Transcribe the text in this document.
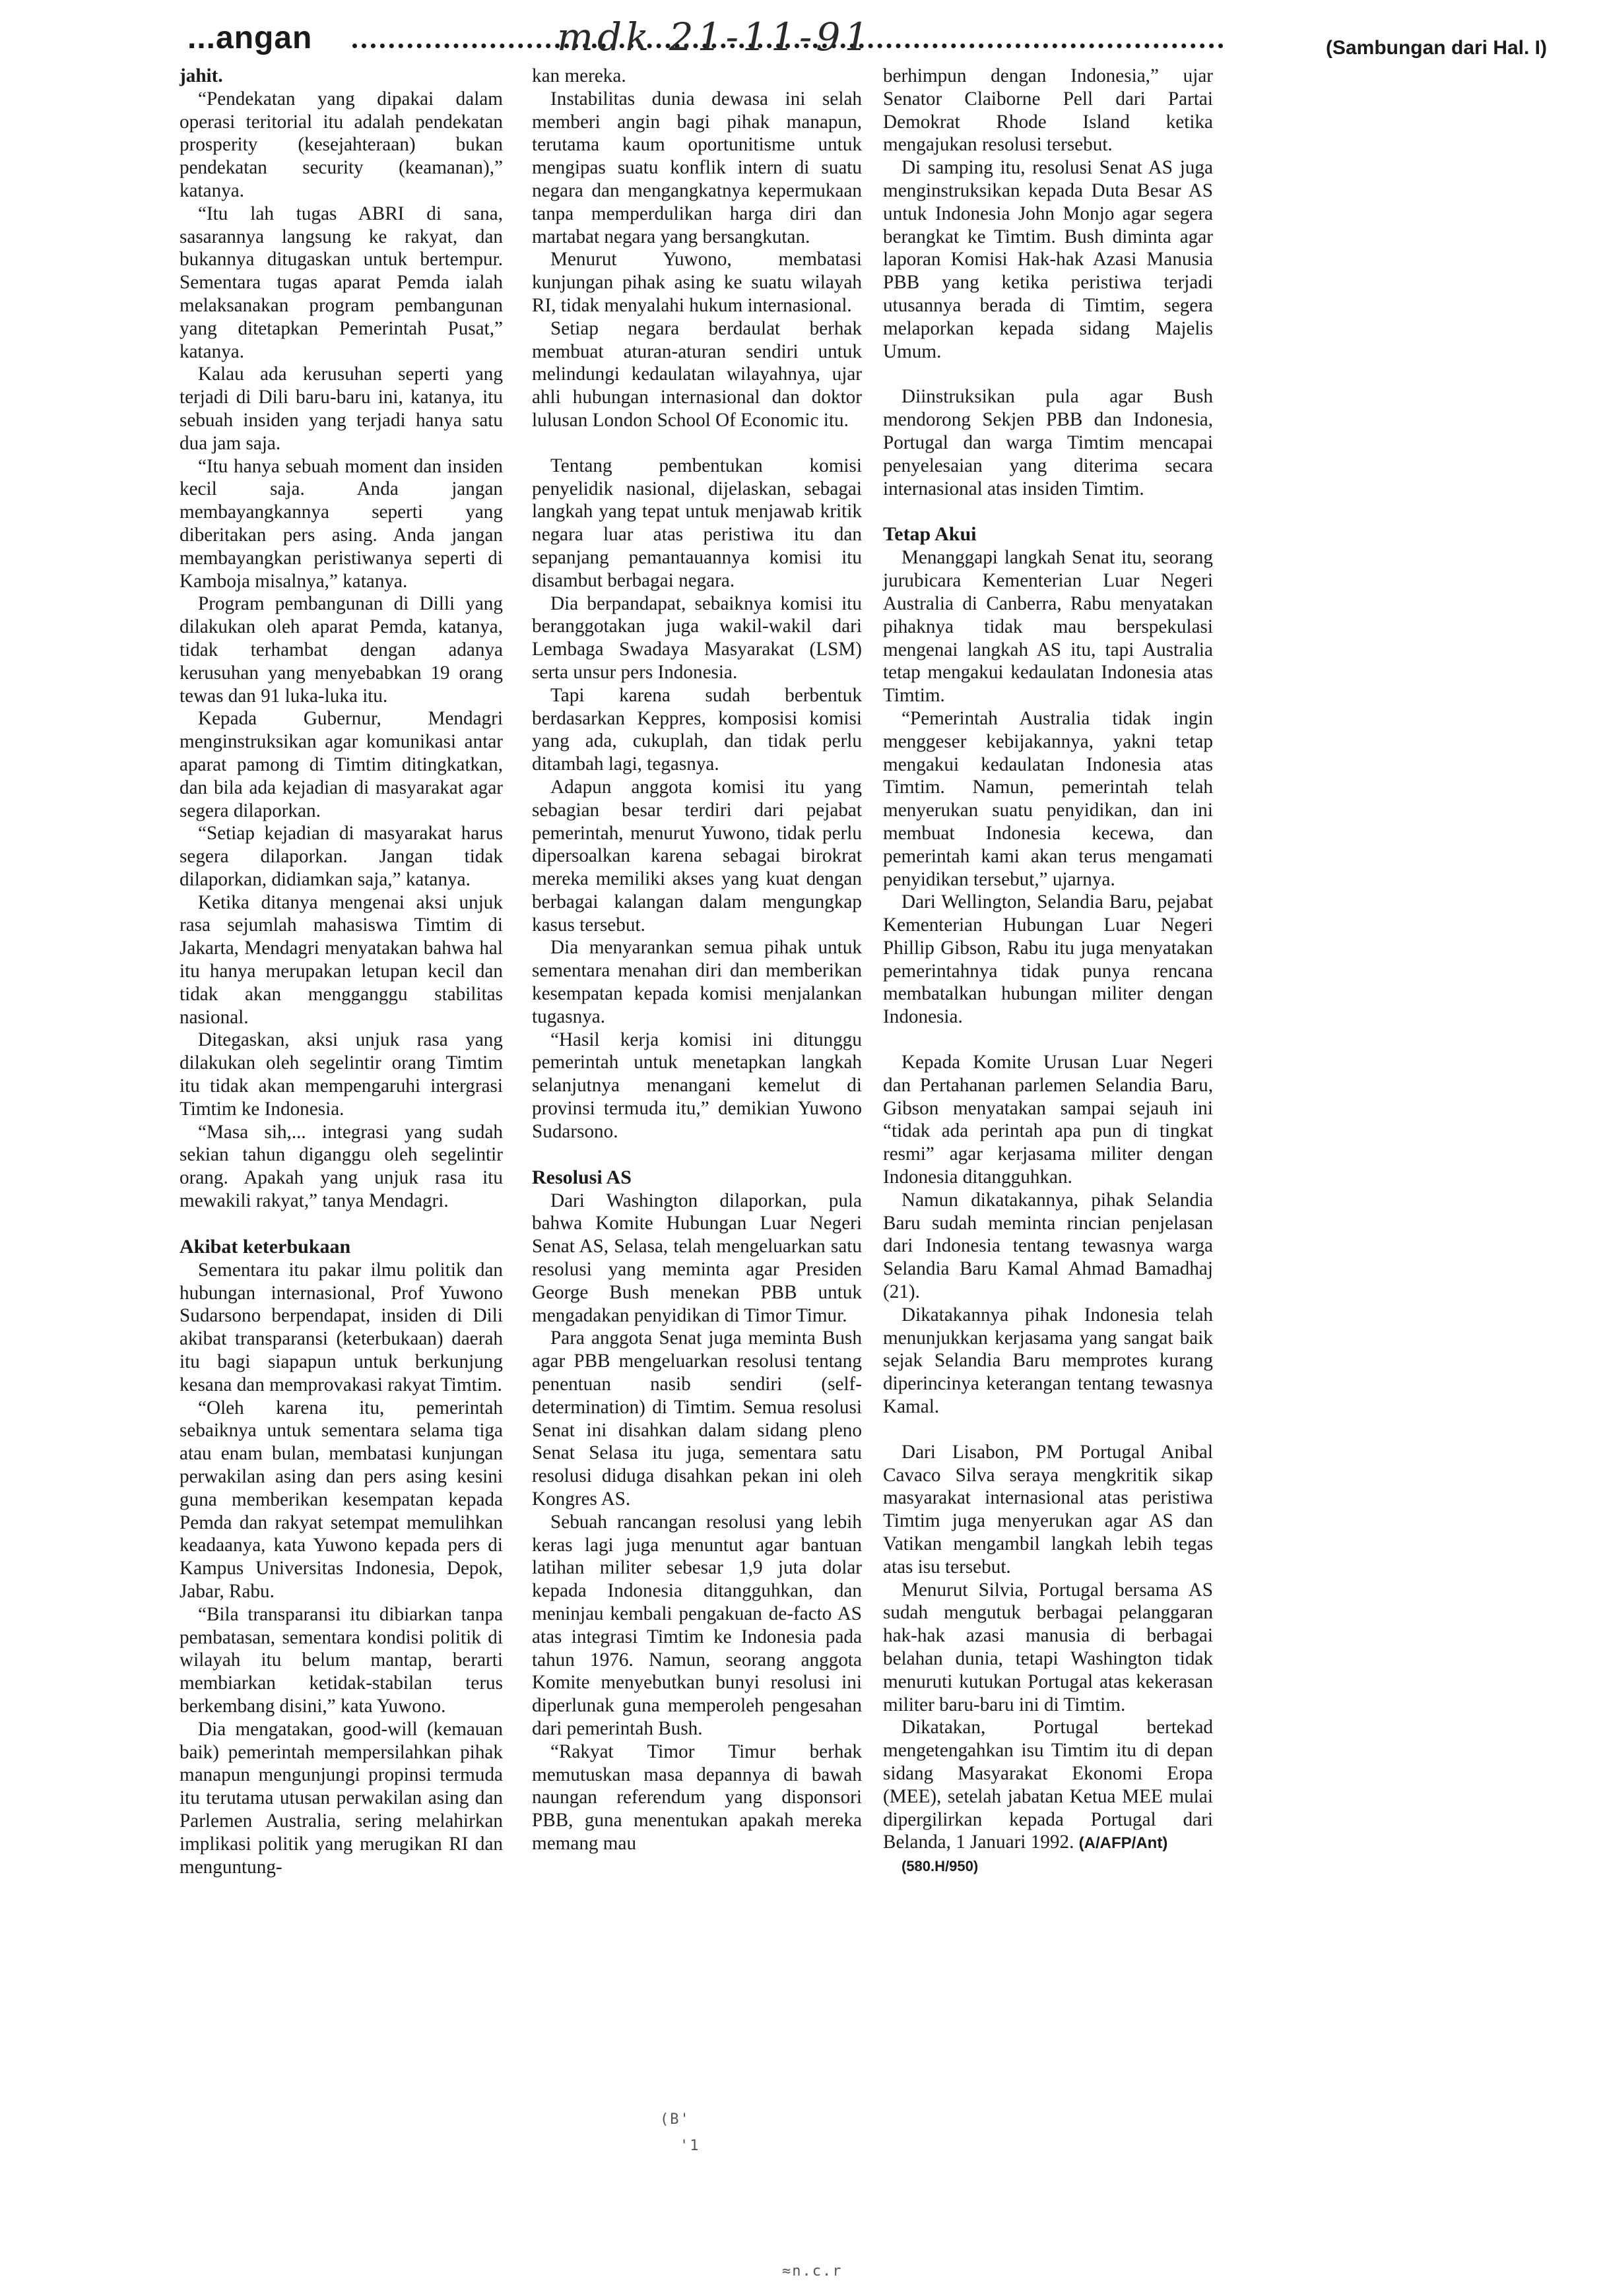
...angan	(Sambungan dari Hal. I)
mdk 21-11-91

jahit.

“Pendekatan yang dipakai dalam operasi teritorial itu adalah pendekatan prosperity (kesejahteraan) bukan pendekatan security (keamanan),” katanya.

“Itu lah tugas ABRI di sana, sasarannya langsung ke rakyat, dan bukannya ditugaskan untuk bertempur. Sementara tugas aparat Pemda ialah melaksanakan program pembangunan yang ditetapkan Pemerintah Pusat,” katanya.

Kalau ada kerusuhan seperti yang terjadi di Dili baru-baru ini, katanya, itu sebuah insiden yang terjadi hanya satu dua jam saja.

“Itu hanya sebuah moment dan insiden kecil saja. Anda jangan membayangkannya seperti yang diberitakan pers asing. Anda jangan membayangkan peristiwanya seperti di Kamboja misalnya,” katanya.

Program pembangunan di Dilli yang dilakukan oleh aparat Pemda, katanya, tidak terhambat dengan adanya kerusuhan yang menyebabkan 19 orang tewas dan 91 luka-luka itu.

Kepada Gubernur, Mendagri menginstruksikan agar komunikasi antar aparat pamong di Timtim ditingkatkan, dan bila ada kejadian di masyarakat agar segera dilaporkan.

“Setiap kejadian di masyarakat harus segera dilaporkan. Jangan tidak dilaporkan, didiamkan saja,” katanya.

Ketika ditanya mengenai aksi unjuk rasa sejumlah mahasiswa Timtim di Jakarta, Mendagri menyatakan bahwa hal itu hanya merupakan letupan kecil dan tidak akan mengganggu stabilitas nasional.

Ditegaskan, aksi unjuk rasa yang dilakukan oleh segelintir orang Timtim itu tidak akan mempengaruhi intergrasi Timtim ke Indonesia.

“Masa sih,... integrasi yang sudah sekian tahun diganggu oleh segelintir orang. Apakah yang unjuk rasa itu mewakili rakyat,” tanya Mendagri.

Akibat keterbukaan

Sementara itu pakar ilmu politik dan hubungan internasional, Prof Yuwono Sudarsono berpendapat, insiden di Dili akibat transparansi (keterbukaan) daerah itu bagi siapapun untuk berkunjung kesana dan memprovakasi rakyat Timtim.

“Oleh karena itu, pemerintah sebaiknya untuk sementara selama tiga atau enam bulan, membatasi kunjungan perwakilan asing dan pers asing kesini guna memberikan kesempatan kepada Pemda dan rakyat setempat memulihkan keadaanya, kata Yuwono kepada pers di Kampus Universitas Indonesia, Depok, Jabar, Rabu.

“Bila transparansi itu dibiarkan tanpa pembatasan, sementara kondisi politik di wilayah itu belum mantap, berarti membiarkan ketidak-stabilan terus berkembang disini,” kata Yuwono.

Dia mengatakan, good-will (kemauan baik) pemerintah mempersilahkan pihak manapun mengunjungi propinsi termuda itu terutama utusan perwakilan asing dan Parlemen Australia, sering melahirkan implikasi politik yang merugikan RI dan menguntung-

kan mereka.

Instabilitas dunia dewasa ini selah memberi angin bagi pihak manapun, terutama kaum oportunitisme untuk mengipas suatu konflik intern di suatu negara dan mengangkatnya kepermukaan tanpa memperdulikan harga diri dan martabat negara yang bersangkutan.

Menurut Yuwono, membatasi kunjungan pihak asing ke suatu wilayah RI, tidak menyalahi hukum internasional.

Setiap negara berdaulat berhak membuat aturan-aturan sendiri untuk melindungi kedaulatan wilayahnya, ujar ahli hubungan internasional dan doktor lulusan London School Of Economic itu.

Tentang pembentukan komisi penyelidik nasional, dijelaskan, sebagai langkah yang tepat untuk menjawab kritik negara luar atas peristiwa itu dan sepanjang pemantauannya komisi itu disambut berbagai negara.

Dia berpandapat, sebaiknya komisi itu beranggotakan juga wakil-wakil dari Lembaga Swadaya Masyarakat (LSM) serta unsur pers Indonesia.

Tapi karena sudah berbentuk berdasarkan Keppres, komposisi komisi yang ada, cukuplah, dan tidak perlu ditambah lagi, tegasnya.

Adapun anggota komisi itu yang sebagian besar terdiri dari pejabat pemerintah, menurut Yuwono, tidak perlu dipersoalkan karena sebagai birokrat mereka memiliki akses yang kuat dengan berbagai kalangan dalam mengungkap kasus tersebut.

Dia menyarankan semua pihak untuk sementara menahan diri dan memberikan kesempatan kepada komisi menjalankan tugasnya.

“Hasil kerja komisi ini ditunggu pemerintah untuk menetapkan langkah selanjutnya menangani kemelut di provinsi termuda itu,” demikian Yuwono Sudarsono.

Resolusi AS

Dari Washington dilaporkan, pula bahwa Komite Hubungan Luar Negeri Senat AS, Selasa, telah mengeluarkan satu resolusi yang meminta agar Presiden George Bush menekan PBB untuk mengadakan penyidikan di Timor Timur.

Para anggota Senat juga meminta Bush agar PBB mengeluarkan resolusi tentang penentuan nasib sendiri (self-determination) di Timtim. Semua resolusi Senat ini disahkan dalam sidang pleno Senat Selasa itu juga, sementara satu resolusi diduga disahkan pekan ini oleh Kongres AS.

Sebuah rancangan resolusi yang lebih keras lagi juga menuntut agar bantuan latihan militer sebesar 1,9 juta dolar kepada Indonesia ditangguhkan, dan meninjau kembali pengakuan de-facto AS atas integrasi Timtim ke Indonesia pada tahun 1976. Namun, seorang anggota Komite menyebutkan bunyi resolusi ini diperlunak guna memperoleh pengesahan dari pemerintah Bush.

“Rakyat Timor Timur berhak memutuskan masa depannya di bawah naungan referendum yang disponsori PBB, guna menentukan apakah mereka memang mau

berhimpun dengan Indonesia,” ujar Senator Claiborne Pell dari Partai Demokrat Rhode Island ketika mengajukan resolusi tersebut.

Di samping itu, resolusi Senat AS juga menginstruksikan kepada Duta Besar AS untuk Indonesia John Monjo agar segera berangkat ke Timtim. Bush diminta agar laporan Komisi Hak-hak Azasi Manusia PBB yang ketika peristiwa terjadi utusannya berada di Timtim, segera melaporkan kepada sidang Majelis Umum.

Diinstruksikan pula agar Bush mendorong Sekjen PBB dan Indonesia, Portugal dan warga Timtim mencapai penyelesaian yang diterima secara internasional atas insiden Timtim.

Tetap Akui

Menanggapi langkah Senat itu, seorang jurubicara Kementerian Luar Negeri Australia di Canberra, Rabu menyatakan pihaknya tidak mau berspekulasi mengenai langkah AS itu, tapi Australia tetap mengakui kedaulatan Indonesia atas Timtim.

“Pemerintah Australia tidak ingin menggeser kebijakannya, yakni tetap mengakui kedaulatan Indonesia atas Timtim. Namun, pemerintah telah menyerukan suatu penyidikan, dan ini membuat Indonesia kecewa, dan pemerintah kami akan terus mengamati penyidikan tersebut,” ujarnya.

Dari Wellington, Selandia Baru, pejabat Kementerian Hubungan Luar Negeri Phillip Gibson, Rabu itu juga menyatakan pemerintahnya tidak punya rencana membatalkan hubungan militer dengan Indonesia.

Kepada Komite Urusan Luar Negeri dan Pertahanan parlemen Selandia Baru, Gibson menyatakan sampai sejauh ini “tidak ada perintah apa pun di tingkat resmi” agar kerjasama militer dengan Indonesia ditangguhkan.

Namun dikatakannya, pihak Selandia Baru sudah meminta rincian penjelasan dari Indonesia tentang tewasnya warga Selandia Baru Kamal Ahmad Bamadhaj (21).

Dikatakannya pihak Indonesia telah menunjukkan kerjasama yang sangat baik sejak Selandia Baru memprotes kurang diperincinya keterangan tentang tewasnya Kamal.

Dari Lisabon, PM Portugal Anibal Cavaco Silva seraya mengkritik sikap masyarakat internasional atas peristiwa Timtim juga menyerukan agar AS dan Vatikan mengambil langkah lebih tegas atas isu tersebut.

Menurut Silvia, Portugal bersama AS sudah mengutuk berbagai pelanggaran hak-hak azasi manusia di berbagai belahan dunia, tetapi Washington tidak menuruti kutukan Portugal atas kekerasan militer baru-baru ini di Timtim.

Dikatakan, Portugal bertekad mengetengahkan isu Timtim itu di depan sidang Masyarakat Ekonomi Eropa (MEE), setelah jabatan Ketua MEE mulai dipergilirkan kepada Portugal dari Belanda, 1 Januari 1992. (A/AFP/Ant)
(580.H/950)

(B'
'1
≈n.c.r
